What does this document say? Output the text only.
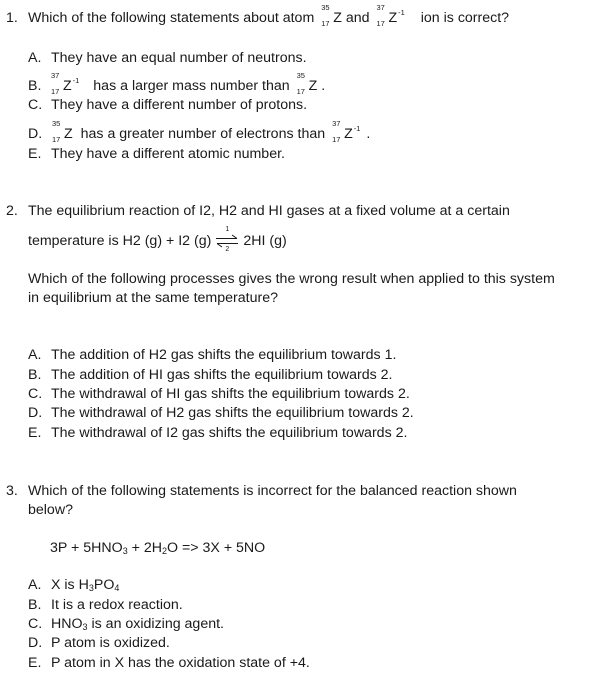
1. Which of the following statements about atom
35
17 Z and
37
17 $Z^{-1}$ ion is correct?
A. They have an equal number of neutrons.
B.
37
17 $Z^{-1}$ has a larger mass number than
35
17 Z .
C. They have a different number of protons.
D.
35
17 Z has a greater number of electrons than
37
17 $Z^{-1}$ .
E. They have a different atomic number.
2. The equilibrium reaction of I2, H2 and HI gases at a fixed volume at a certain
temperature is H2 (g) + I2 (g)
1
2
2HI (g)
Which of the following processes gives the wrong result when applied to this system
in equilibrium at the same temperature?
A. The addition of H2 gas shifts the equilibrium towards 1.
B. The addition of HI gas shifts the equilibrium towards 2.
C. The withdrawal of HI gas shifts the equilibrium towards 2.
D. The withdrawal of H2 gas shifts the equilibrium towards 2.
E. The withdrawal of I2 gas shifts the equilibrium towards 2.
3. Which of the following statements is incorrect for the balanced reaction shown
below?
$3P + 5HNO_3 + 2H_2O => 3X + 5NO$
A. X is $H_3PO_4$
B. It is a redox reaction.
C. $HNO_3$ is an oxidizing agent.
D. P atom is oxidized.
E. P atom in X has the oxidation state of +4.
